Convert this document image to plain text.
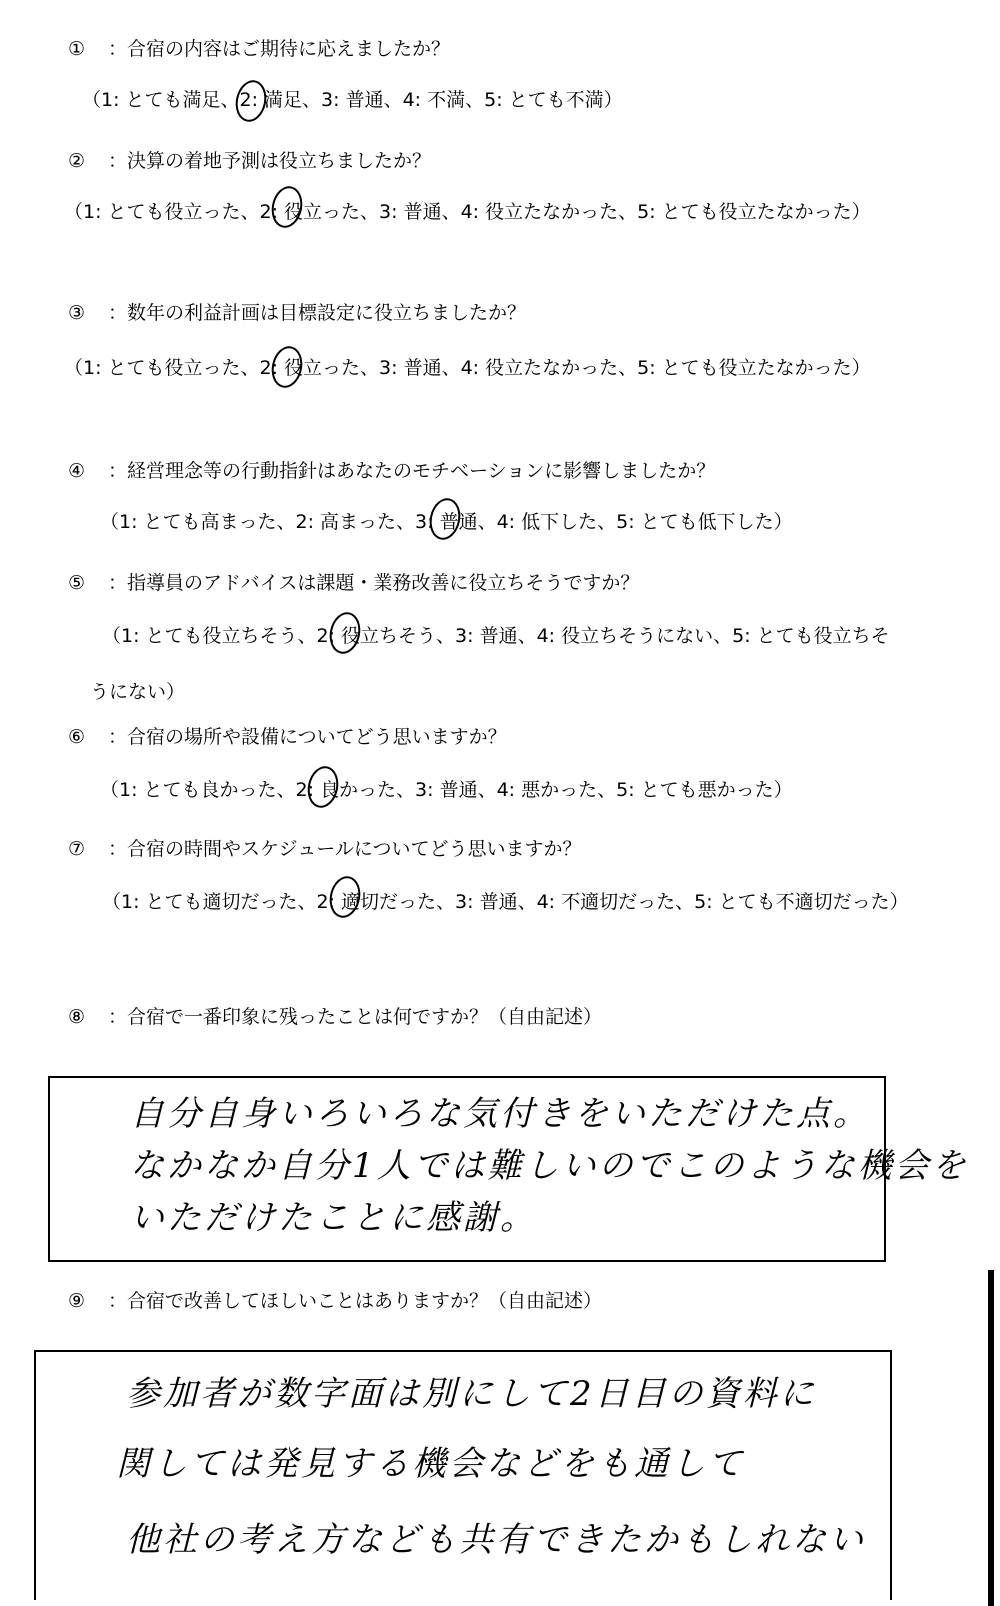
① ：合宿の内容はご期待に応えましたか？
（1: とても満足、2: 満足、3: 普通、4: 不満、5: とても不満）
② ：決算の着地予測は役立ちましたか？
（1: とても役立った、2: 役立った、3: 普通、4: 役立たなかった、5: とても役立たなかった）
③ ：数年の利益計画は目標設定に役立ちましたか？
（1: とても役立った、2: 役立った、3: 普通、4: 役立たなかった、5: とても役立たなかった）
④ ：経営理念等の行動指針はあなたのモチベーションに影響しましたか？
（1: とても高まった、2: 高まった、3: 普通、4: 低下した、5: とても低下した）
⑤ ：指導員のアドバイスは課題・業務改善に役立ちそうですか？
（1: とても役立ちそう、2: 役立ちそう、3: 普通、4: 役立ちそうにない、5: とても役立ちそうにない）
⑥ ：合宿の場所や設備についてどう思いますか？
（1: とても良かった、2: 良かった、3: 普通、4: 悪かった、5: とても悪かった）
⑦ ：合宿の時間やスケジュールについてどう思いますか？
（1: とても適切だった、2: 適切だった、3: 普通、4: 不適切だった、5: とても不適切だった）
⑧ ：合宿で一番印象に残ったことは何ですか？（自由記述）
自分自身いろいろな気付きをいただけた点。
なかなか自分1人では難しいのでこのような機会を
いただけたことに感謝。
⑨ ：合宿で改善してほしいことはありますか？（自由記述）
参加者が数字面は別にして2日目の資料に
関しては発見する機会などをも通して
他社の考え方なども共有できたかもしれない
